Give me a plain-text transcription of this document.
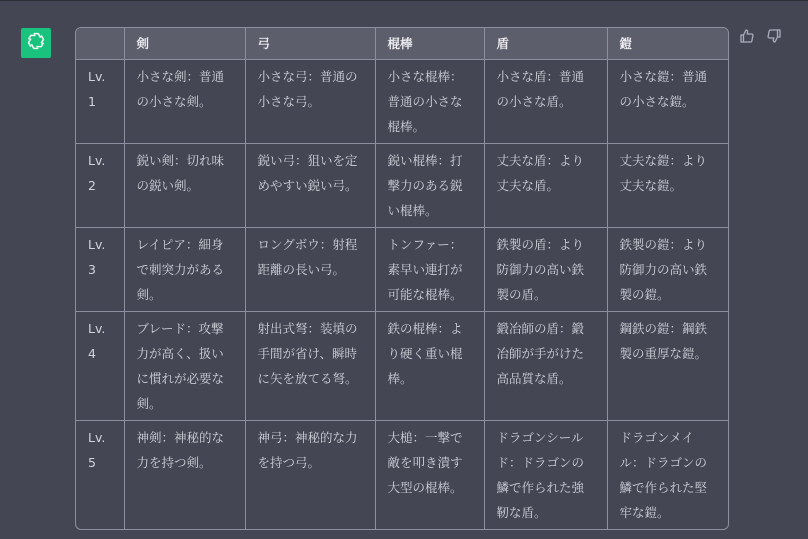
	剣	弓	棍棒	盾	鎧
Lv.1	小さな剣：普通の小さな剣。	小さな弓：普通の小さな弓。	小さな棍棒：普通の小さな棍棒。	小さな盾：普通の小さな盾。	小さな鎧：普通の小さな鎧。
Lv.2	鋭い剣：切れ味の鋭い剣。	鋭い弓：狙いを定めやすい鋭い弓。	鋭い棍棒：打撃力のある鋭い棍棒。	丈夫な盾：より丈夫な盾。	丈夫な鎧：より丈夫な鎧。
Lv.3	レイピア：細身で刺突力がある剣。	ロングボウ：射程距離の長い弓。	トンファー：素早い連打が可能な棍棒。	鉄製の盾：より防御力の高い鉄製の盾。	鉄製の鎧：より防御力の高い鉄製の鎧。
Lv.4	ブレード：攻撃力が高く、扱いに慣れが必要な剣。	射出式弩：装填の手間が省け、瞬時に矢を放てる弩。	鉄の棍棒：より硬く重い棍棒。	鍛冶師の盾：鍛冶師が手がけた高品質な盾。	鋼鉄の鎧：鋼鉄製の重厚な鎧。
Lv.5	神剣：神秘的な力を持つ剣。	神弓：神秘的な力を持つ弓。	大槌：一撃で敵を叩き潰す大型の棍棒。	ドラゴンシールド：ドラゴンの鱗で作られた強靭な盾。	ドラゴンメイル：ドラゴンの鱗で作られた堅牢な鎧。
